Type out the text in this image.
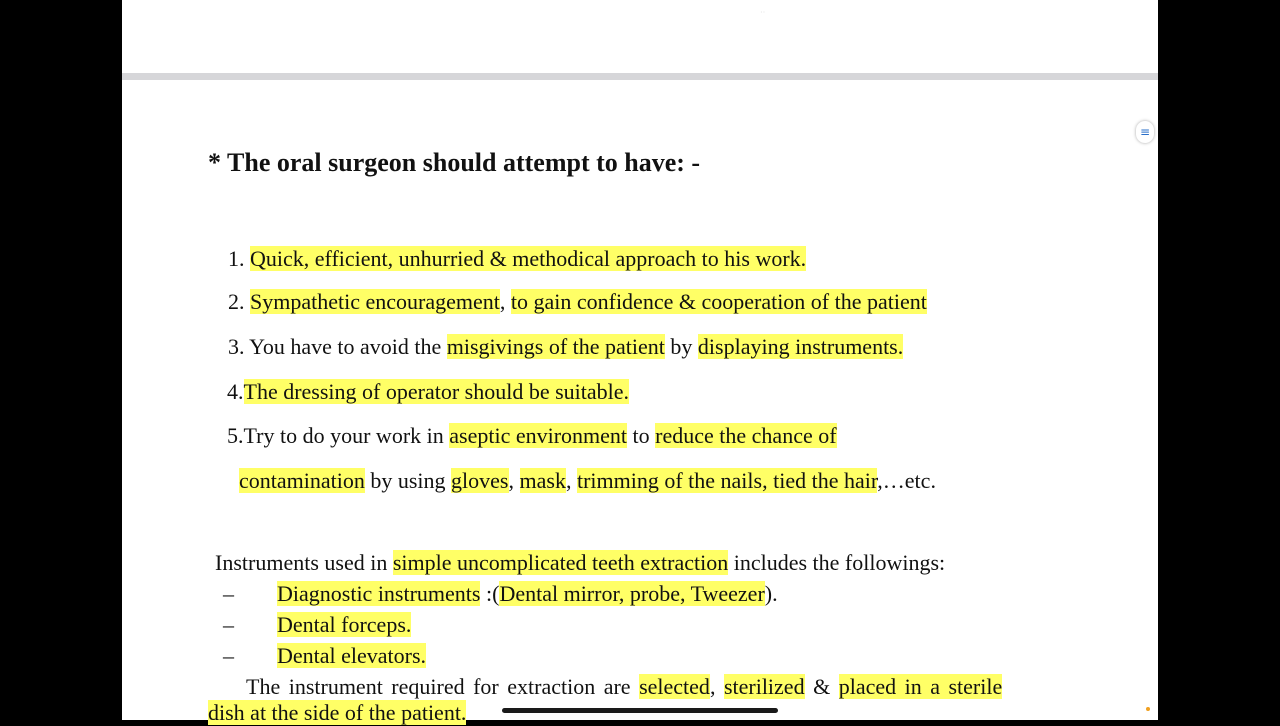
··
≡
* The oral surgeon should attempt to have: -
1. Quick, efficient, unhurried & methodical approach to his work.
2. Sympathetic encouragement, to gain confidence & cooperation of the patient
3. You have to avoid the misgivings of the patient by displaying instruments.
4.The dressing of operator should be suitable.
5.Try to do your work in aseptic environment to reduce the chance of
contamination by using gloves, mask, trimming of the nails, tied the hair,…etc.
Instruments used in simple uncomplicated teeth extraction includes the followings:
– Diagnostic instruments :(Dental mirror, probe, Tweezer).
– Dental forceps.
– Dental elevators.
The instrument required for extraction are selected, sterilized & placed in a sterile
dish at the side of the patient.
